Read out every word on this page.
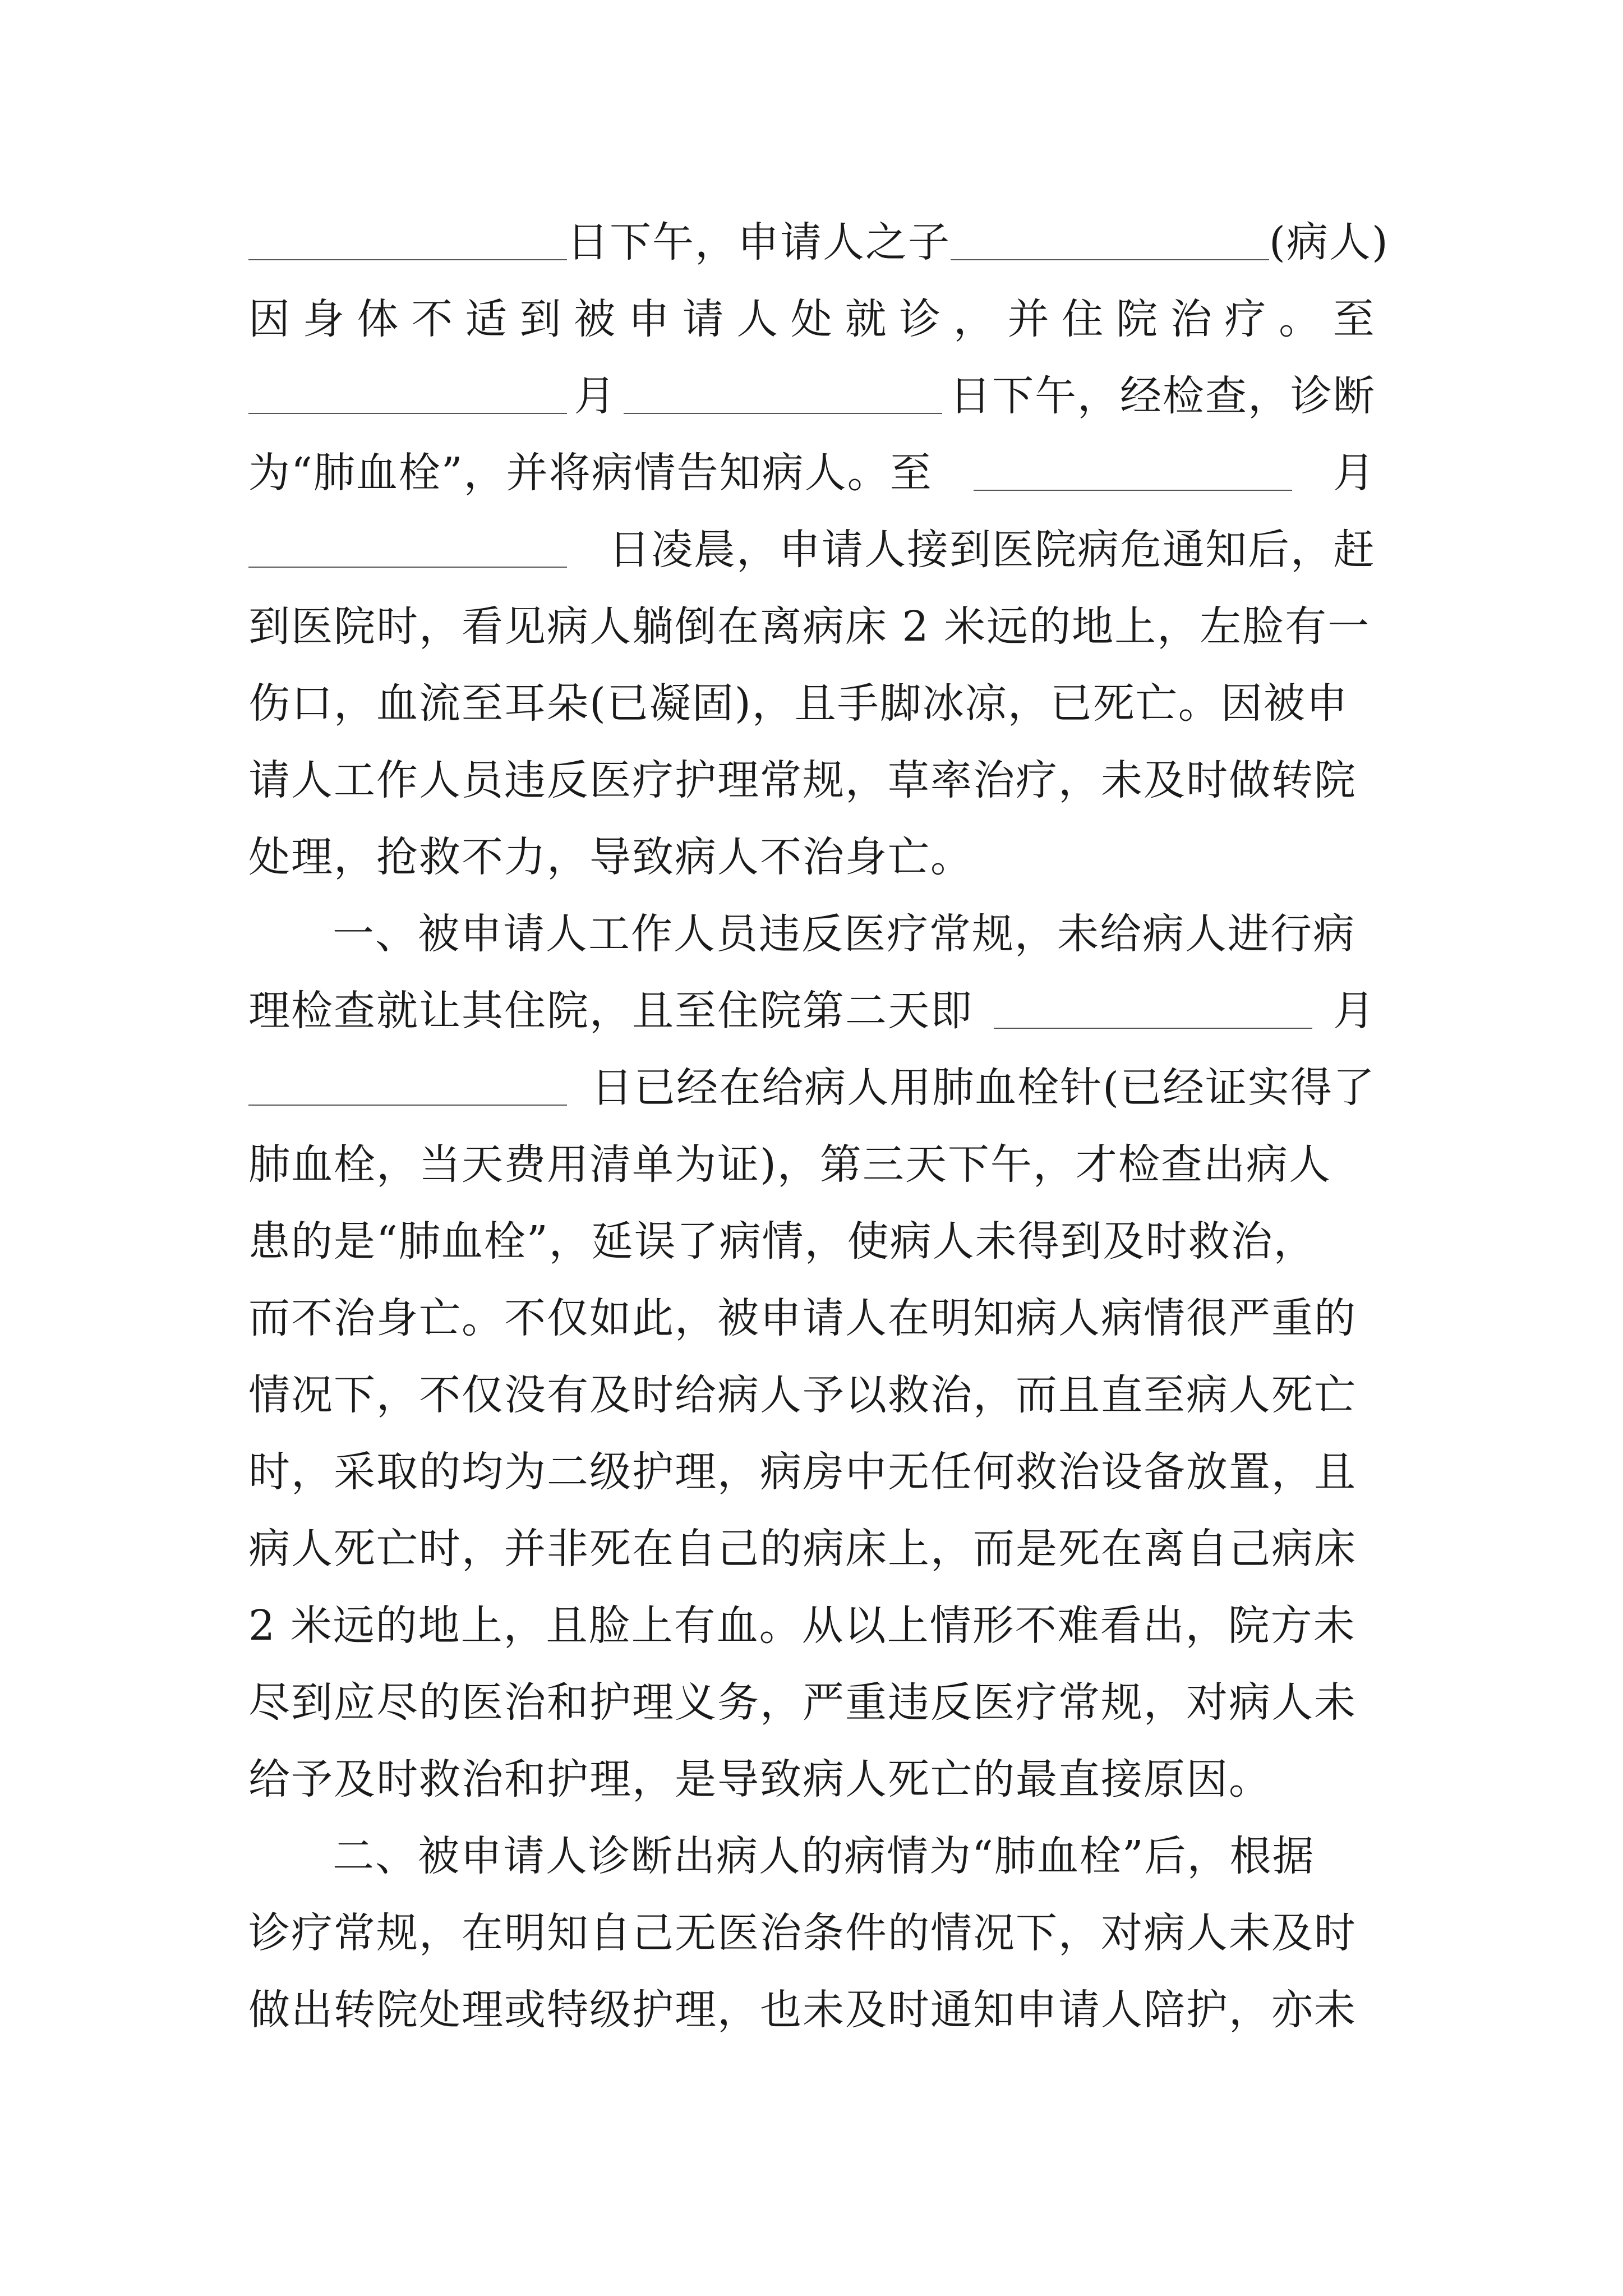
日下午，申请人之子	(病人)
因 身 体 不 适 到 被 申 请 人 处 就 诊 ， 并 住 院 治 疗 。 至
月	日下午，经检查，诊断
为“肺血栓”，并将病情告知病人。至	月
日凌晨，申请人接到医院病危通知后，赶
到医院时，看见病人躺倒在离病床 2 米远的地上，左脸有一
伤口，血流至耳朵(已凝固)，且手脚冰凉，已死亡。因被申
请人工作人员违反医疗护理常规，草率治疗，未及时做转院
处理，抢救不力，导致病人不治身亡。
一、被申请人工作人员违反医疗常规，未给病人进行病
理检查就让其住院，且至住院第二天即	月
日已经在给病人用肺血栓针(已经证实得了
肺血栓，当天费用清单为证)，第三天下午，才检查出病人
患的是“肺血栓”，延误了病情，使病人未得到及时救治，
而不治身亡。不仅如此，被申请人在明知病人病情很严重的
情况下，不仅没有及时给病人予以救治，而且直至病人死亡
时，采取的均为二级护理，病房中无任何救治设备放置，且
病人死亡时，并非死在自己的病床上，而是死在离自己病床
2 米远的地上，且脸上有血。从以上情形不难看出，院方未
尽到应尽的医治和护理义务，严重违反医疗常规，对病人未
给予及时救治和护理，是导致病人死亡的最直接原因。
二、被申请人诊断出病人的病情为“肺血栓”后，根据
诊疗常规，在明知自己无医治条件的情况下，对病人未及时
做出转院处理或特级护理，也未及时通知申请人陪护，亦未
